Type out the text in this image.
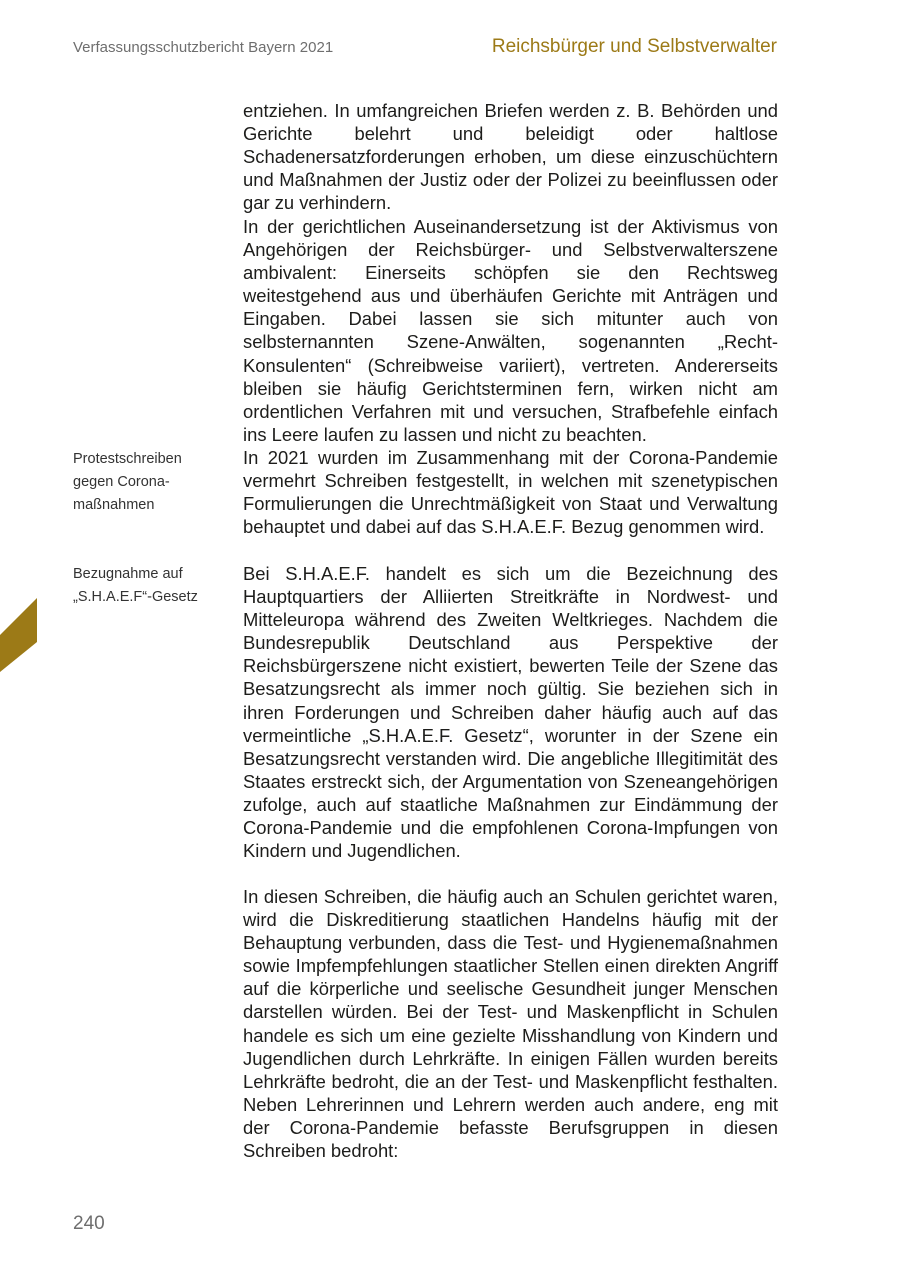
Verfassungsschutzbericht Bayern 2021	Reichsbürger und Selbstverwalter
Protestschreiben gegen Corona-maßnahmen
Bezugnahme auf „S.H.A.E.F“-Gesetz

entziehen. In umfangreichen Briefen werden z. B. Behörden und Gerichte belehrt und beleidigt oder haltlose Schadenersatzforderungen erhoben, um diese einzuschüchtern und Maßnahmen der Justiz oder der Polizei zu beeinflussen oder gar zu verhindern.

In der gerichtlichen Auseinandersetzung ist der Aktivismus von Angehörigen der Reichsbürger- und Selbstverwalterszene ambivalent: Einerseits schöpfen sie den Rechtsweg weitestgehend aus und überhäufen Gerichte mit Anträgen und Eingaben. Dabei lassen sie sich mitunter auch von selbsternannten Szene-Anwälten, sogenannten „Recht-Konsulenten“ (Schreibweise variiert), vertreten. Andererseits bleiben sie häufig Gerichtsterminen fern, wirken nicht am ordentlichen Verfahren mit und versuchen, Strafbefehle einfach ins Leere laufen zu lassen und nicht zu beachten.

In 2021 wurden im Zusammenhang mit der Corona-Pandemie vermehrt Schreiben festgestellt, in welchen mit szenetypischen Formulierungen die Unrechtmäßigkeit von Staat und Verwaltung behauptet und dabei auf das S.H.A.E.F. Bezug genommen wird.

Bei S.H.A.E.F. handelt es sich um die Bezeichnung des Hauptquartiers der Alliierten Streitkräfte in Nordwest- und Mitteleuropa während des Zweiten Weltkrieges. Nachdem die Bundesrepublik Deutschland aus Perspektive der Reichsbürgerszene nicht existiert, bewerten Teile der Szene das Besatzungsrecht als immer noch gültig. Sie beziehen sich in ihren Forderungen und Schreiben daher häufig auch auf das vermeintliche „S.H.A.E.F. Gesetz“, worunter in der Szene ein Besatzungsrecht verstanden wird. Die angebliche Illegitimität des Staates erstreckt sich, der Argumentation von Szeneangehörigen zufolge, auch auf staatliche Maßnahmen zur Eindämmung der Corona-Pandemie und die empfohlenen Corona-Impfungen von Kindern und Jugendlichen.

In diesen Schreiben, die häufig auch an Schulen gerichtet waren, wird die Diskreditierung staatlichen Handelns häufig mit der Behauptung verbunden, dass die Test- und Hygienemaßnahmen sowie Impfempfehlungen staatlicher Stellen einen direkten Angriff auf die körperliche und seelische Gesundheit junger Menschen darstellen würden. Bei der Test- und Maskenpflicht in Schulen handele es sich um eine gezielte Misshandlung von Kindern und Jugendlichen durch Lehrkräfte. In einigen Fällen wurden bereits Lehrkräfte bedroht, die an der Test- und Maskenpflicht festhalten. Neben Lehrerinnen und Lehrern werden auch andere, eng mit der Corona-Pandemie befasste Berufsgruppen in diesen Schreiben bedroht:

240
